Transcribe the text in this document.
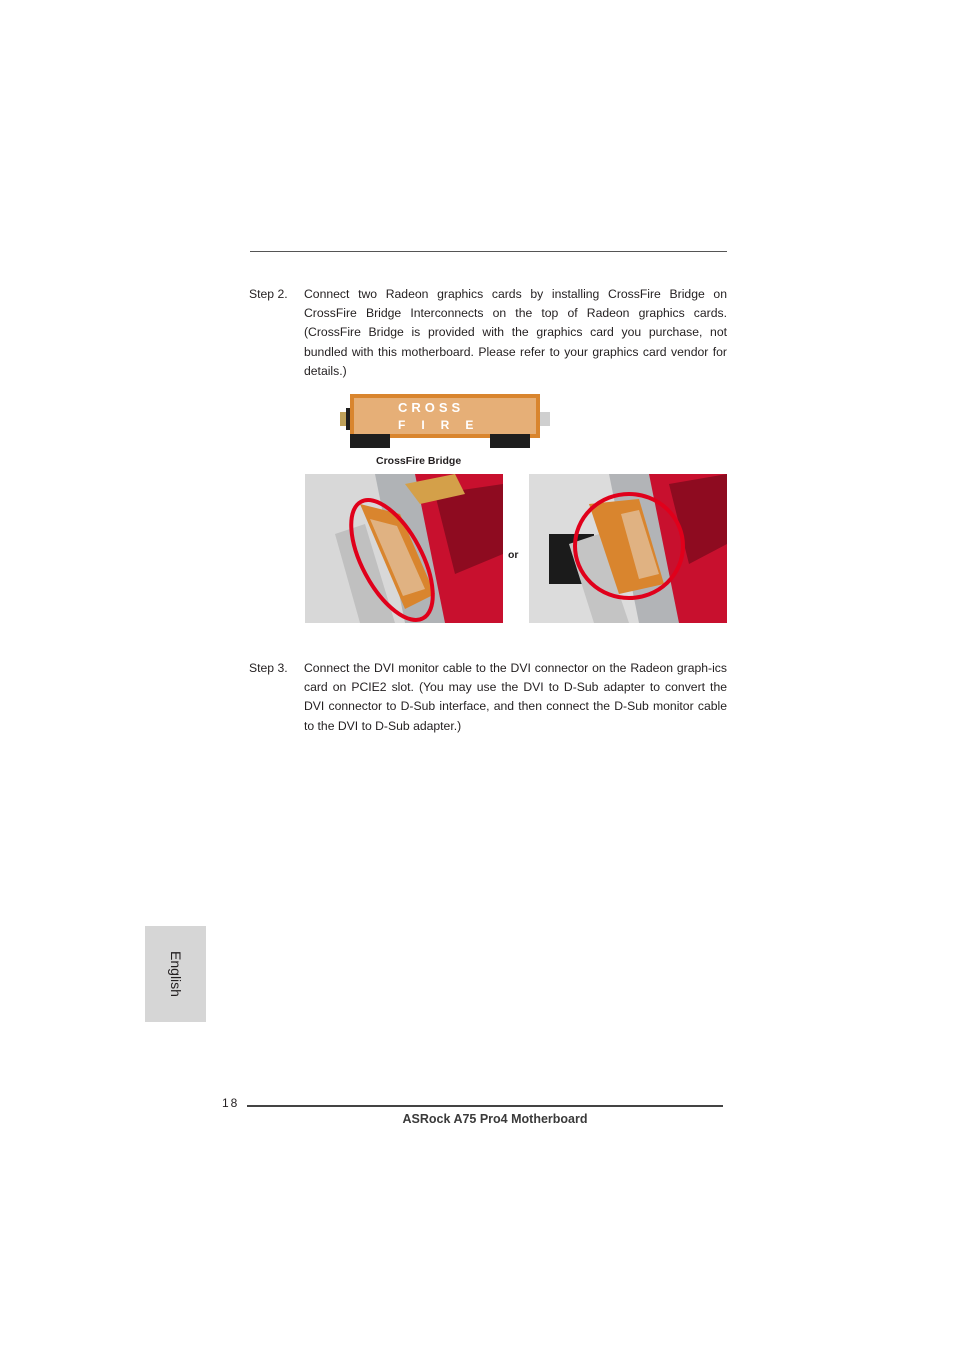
Step 2.	Connect two Radeon graphics cards by installing CrossFire Bridge on CrossFire Bridge Interconnects on the top of Radeon graphics cards. (CrossFire Bridge is provided with the graphics card you purchase, not bundled with this motherboard. Please refer to your graphics card vendor for details.)
CROSS
FIRE
CrossFire Bridge
or
Step 3.	Connect the DVI monitor cable to the DVI connector on the Radeon graph-ics card on PCIE2 slot. (You may use the DVI to D-Sub adapter to convert the DVI connector to D-Sub interface, and then connect the D-Sub monitor cable to the DVI to D-Sub adapter.)
English
18
ASRock A75 Pro4 Motherboard
